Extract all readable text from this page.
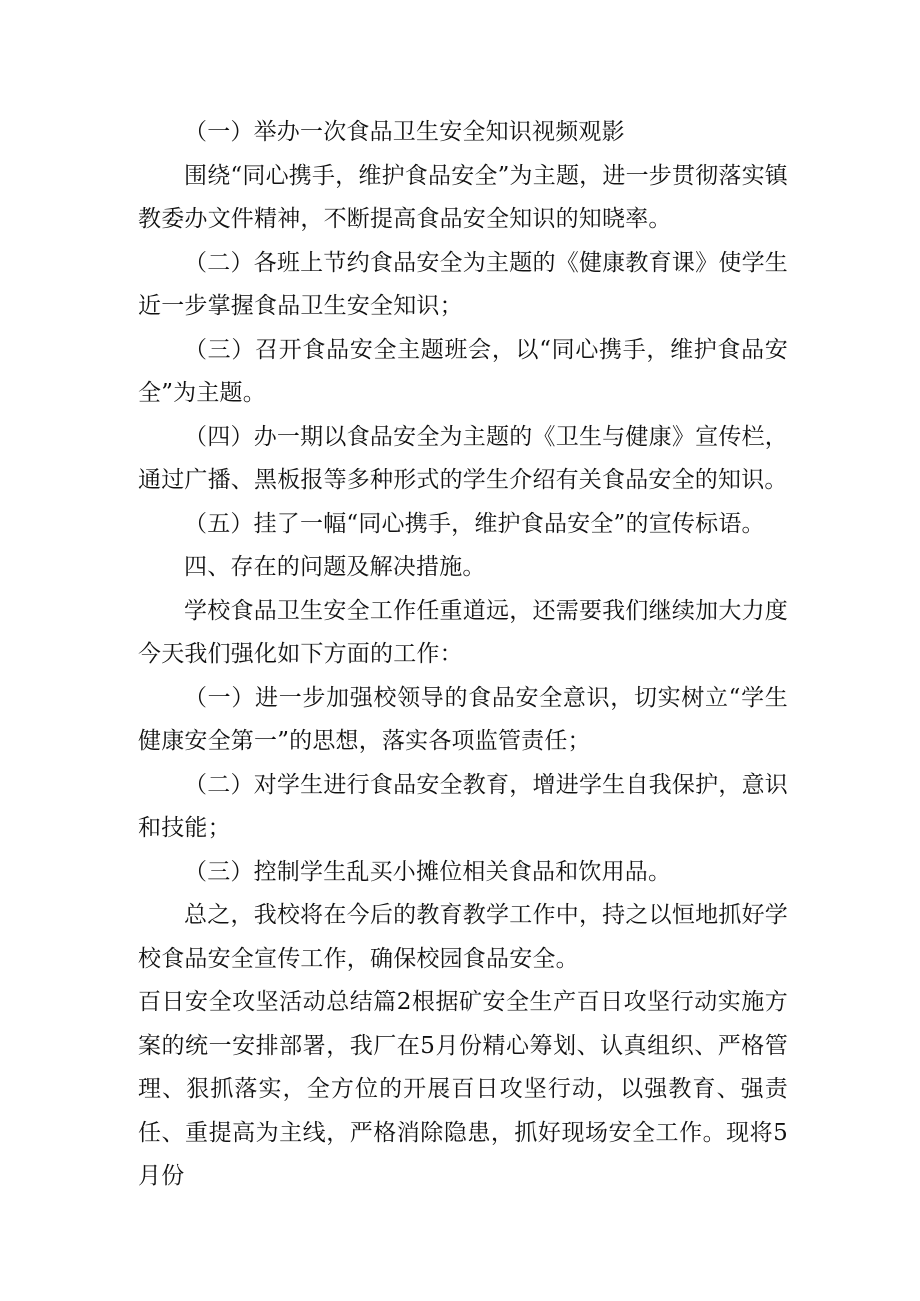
（一）举办一次食品卫生安全知识视频观影

围绕“同心携手，维护食品安全”为主题，进一步贯彻落实镇教委办文件精神，不断提高食品安全知识的知晓率。

（二）各班上节约食品安全为主题的《健康教育课》使学生近一步掌握食品卫生安全知识；

（三）召开食品安全主题班会，以“同心携手，维护食品安全”为主题。

（四）办一期以食品安全为主题的《卫生与健康》宣传栏，通过广播、黑板报等多种形式的学生介绍有关食品安全的知识。

（五）挂了一幅“同心携手，维护食品安全”的宣传标语。

四、存在的问题及解决措施。

学校食品卫生安全工作任重道远，还需要我们继续加大力度今天我们强化如下方面的工作：

（一）进一步加强校领导的食品安全意识，切实树立“学生健康安全第一”的思想，落实各项监管责任；

（二）对学生进行食品安全教育，增进学生自我保护，意识和技能；

（三）控制学生乱买小摊位相关食品和饮用品。

总之，我校将在今后的教育教学工作中，持之以恒地抓好学校食品安全宣传工作，确保校园食品安全。

百日安全攻坚活动总结篇2根据矿安全生产百日攻坚行动实施方案的统一安排部署，我厂在5月份精心筹划、认真组织、严格管理、狠抓落实，全方位的开展百日攻坚行动，以强教育、强责任、重提高为主线，严格消除隐患，抓好现场安全工作。现将5月份
